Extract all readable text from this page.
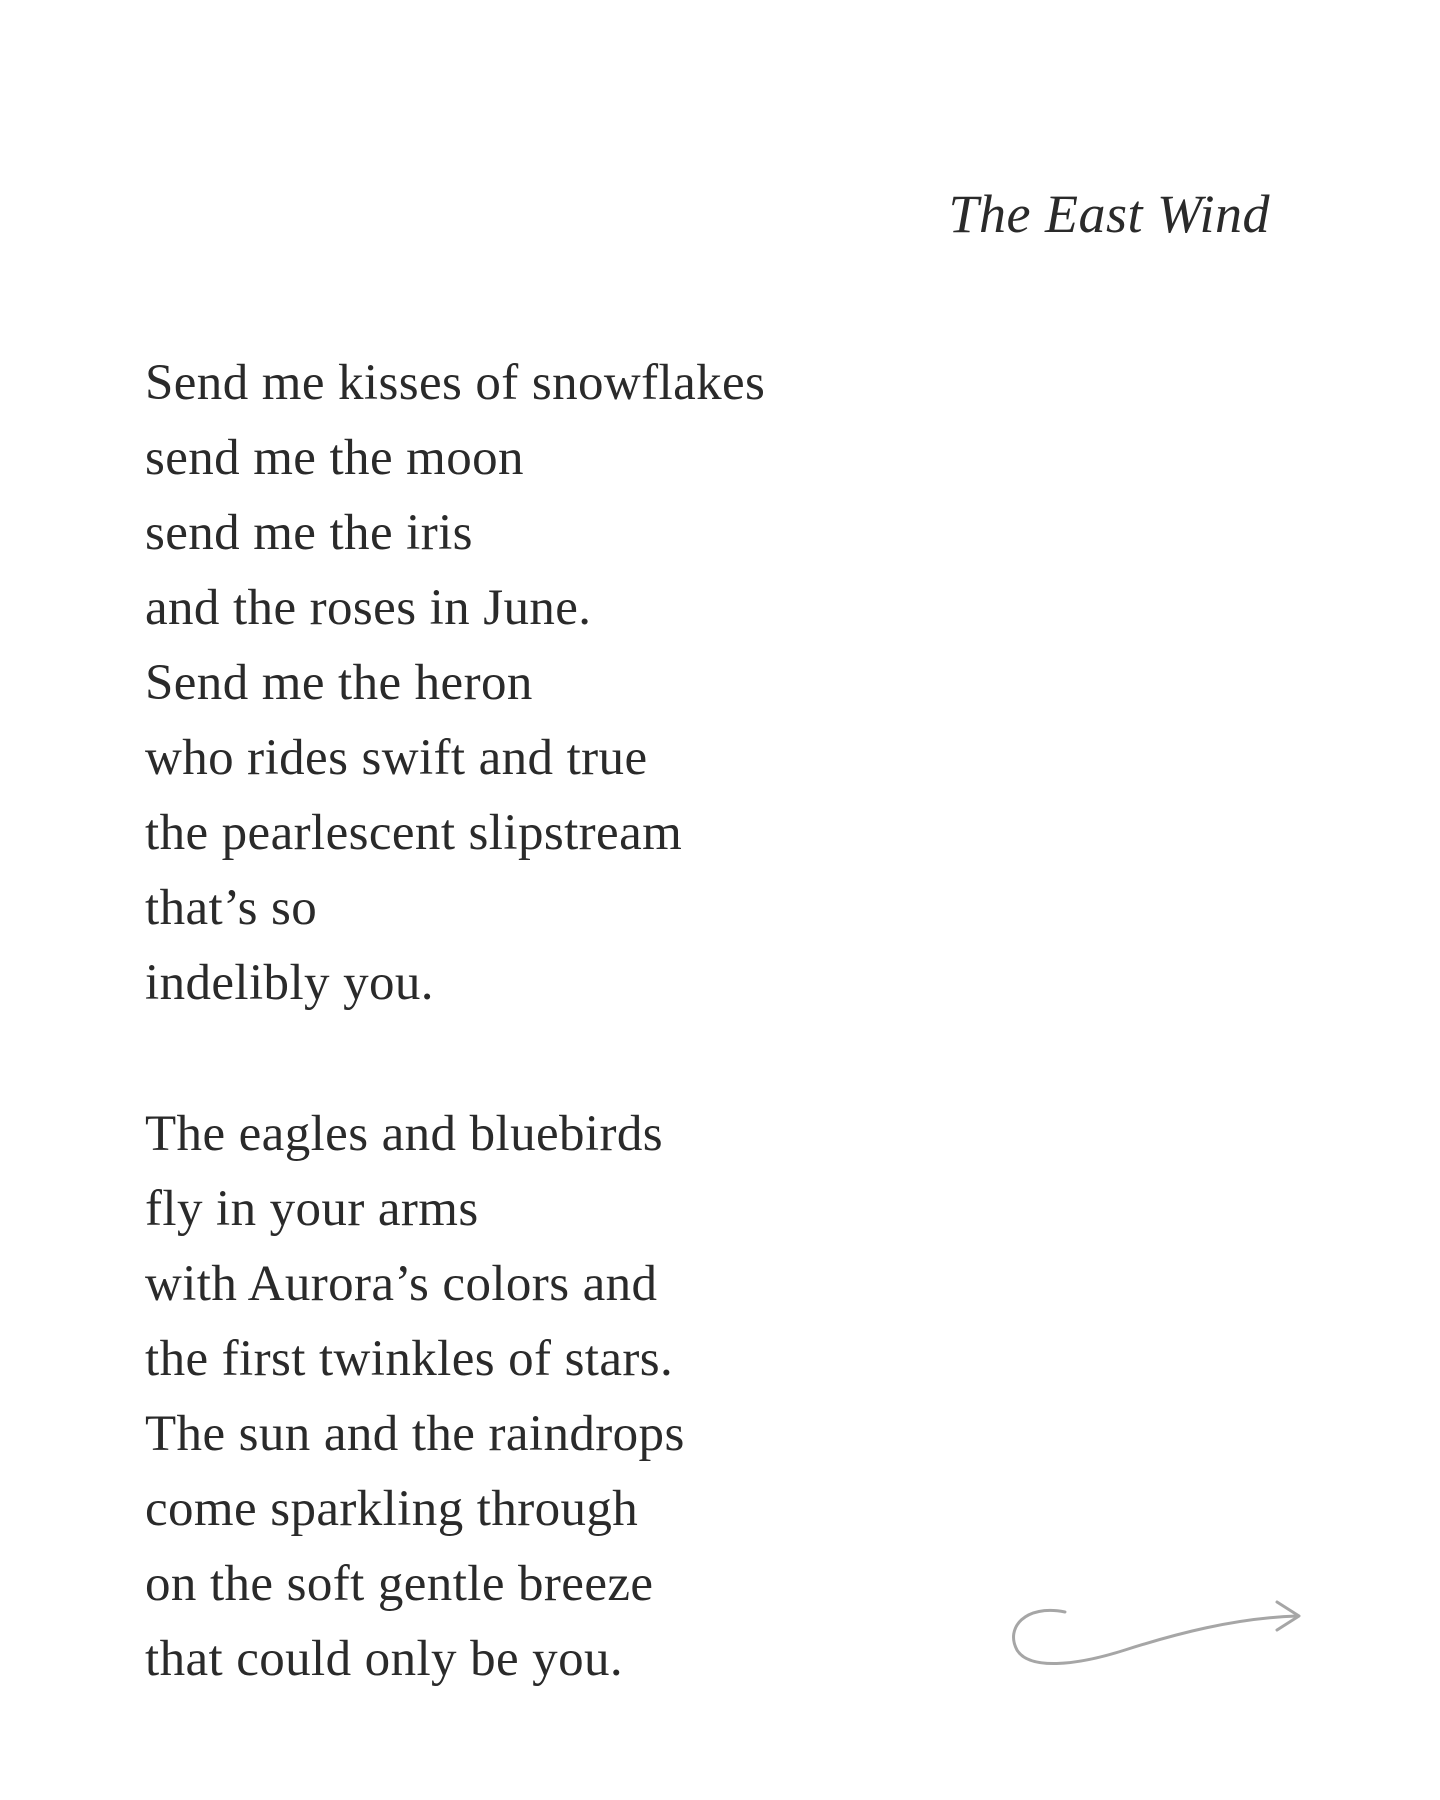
The East Wind

Send me kisses of snowflakes
send me the moon
send me the iris
and the roses in June.
Send me the heron
who rides swift and true
the pearlescent slipstream
that’s so
indelibly you.

The eagles and bluebirds
fly in your arms
with Aurora’s colors and
the first twinkles of stars.
The sun and the raindrops
come sparkling through
on the soft gentle breeze
that could only be you.
